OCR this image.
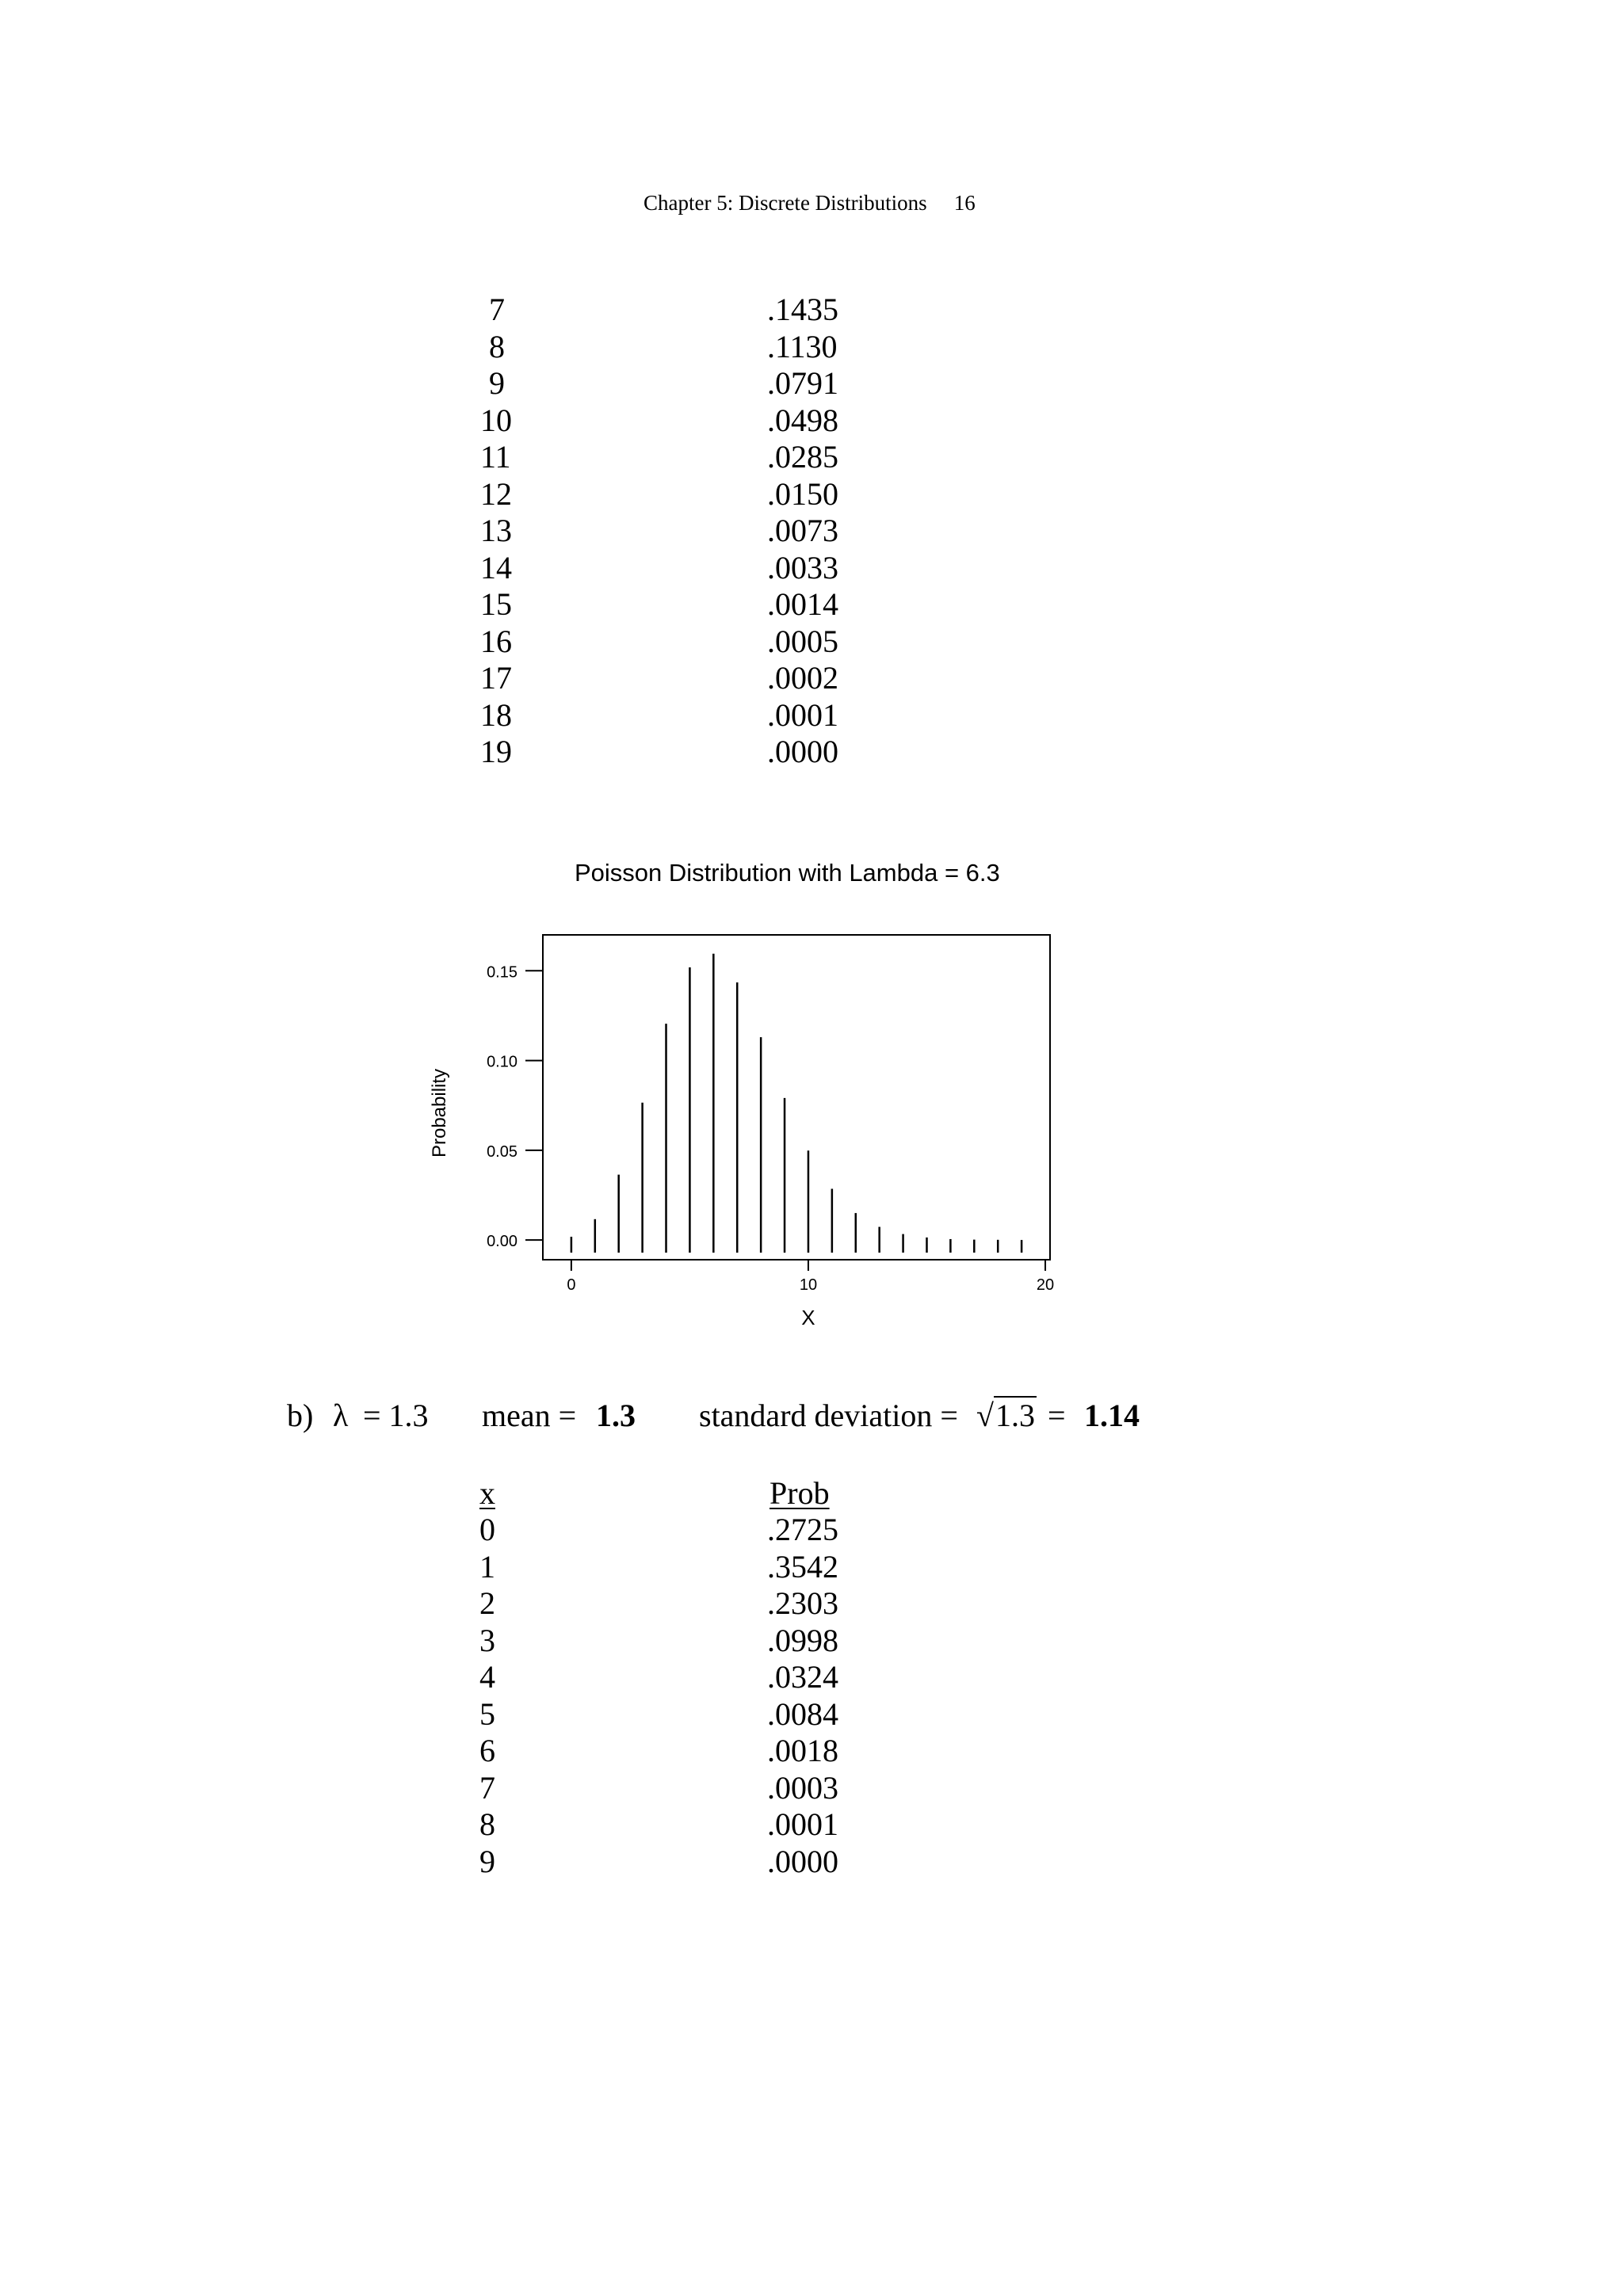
Chapter 5: Discrete Distributions 16
7	.1435
8	.1130
9	.0791
10	.0498
11	.0285
12	.0150
13	.0073
14	.0033
15	.0014
16	.0005
17	.0002
18	.0001
19	.0000
Poisson Distribution with Lambda = 6.3
0.00
0.05
0.10
0.15
0	10	20
X
Probability
b) λ = 1.3 mean = 1.3 standard deviation = √1.3 = 1.14
x	Prob
0	.2725
1	.3542
2	.2303
3	.0998
4	.0324
5	.0084
6	.0018
7	.0003
8	.0001
9	.0000
